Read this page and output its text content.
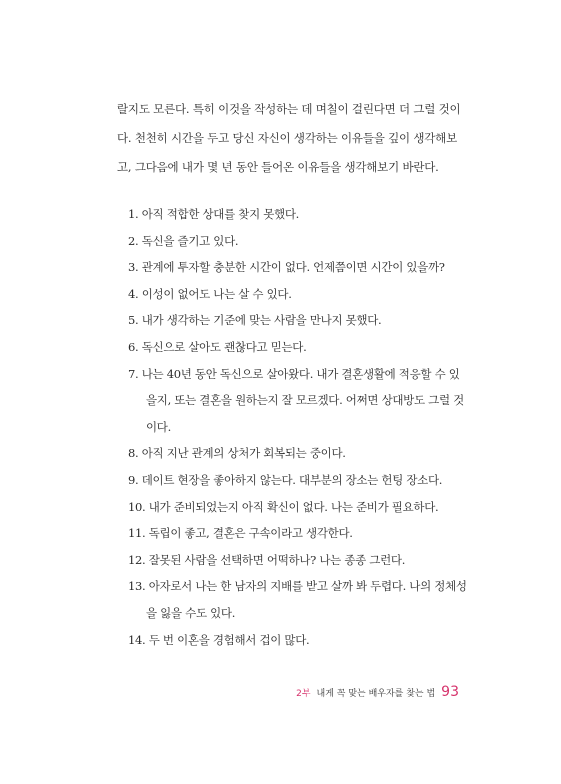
랄지도 모른다. 특히 이것을 작성하는 데 며칠이 걸린다면 더 그럴 것이

다. 천천히 시간을 두고 당신 자신이 생각하는 이유들을 깊이 생각해보

고, 그다음에 내가 몇 년 동안 들어온 이유들을 생각해보기 바란다.

1. 아직 적합한 상대를 찾지 못했다.
2. 독신을 즐기고 있다.
3. 관계에 투자할 충분한 시간이 없다. 언제쯤이면 시간이 있을까?
4. 이성이 없어도 나는 살 수 있다.
5. 내가 생각하는 기준에 맞는 사람을 만나지 못했다.
6. 독신으로 살아도 괜찮다고 믿는다.
7. 나는 40년 동안 독신으로 살아왔다. 내가 결혼생활에 적응할 수 있
을지, 또는 결혼을 원하는지 잘 모르겠다. 어쩌면 상대방도 그럴 것
이다.
8. 아직 지난 관계의 상처가 회복되는 중이다.
9. 데이트 현장을 좋아하지 않는다. 대부분의 장소는 헌팅 장소다.
10. 내가 준비되었는지 아직 확신이 없다. 나는 준비가 필요하다.
11. 독립이 좋고, 결혼은 구속이라고 생각한다.
12. 잘못된 사람을 선택하면 어떡하나? 나는 종종 그런다.
13. 아자로서 나는 한 남자의 지배를 받고 살까 봐 두렵다. 나의 정체성
을 잃을 수도 있다.
14. 두 번 이혼을 경험해서 겁이 많다.
2부 내게 꼭 맞는 배우자를 찾는 법 93
